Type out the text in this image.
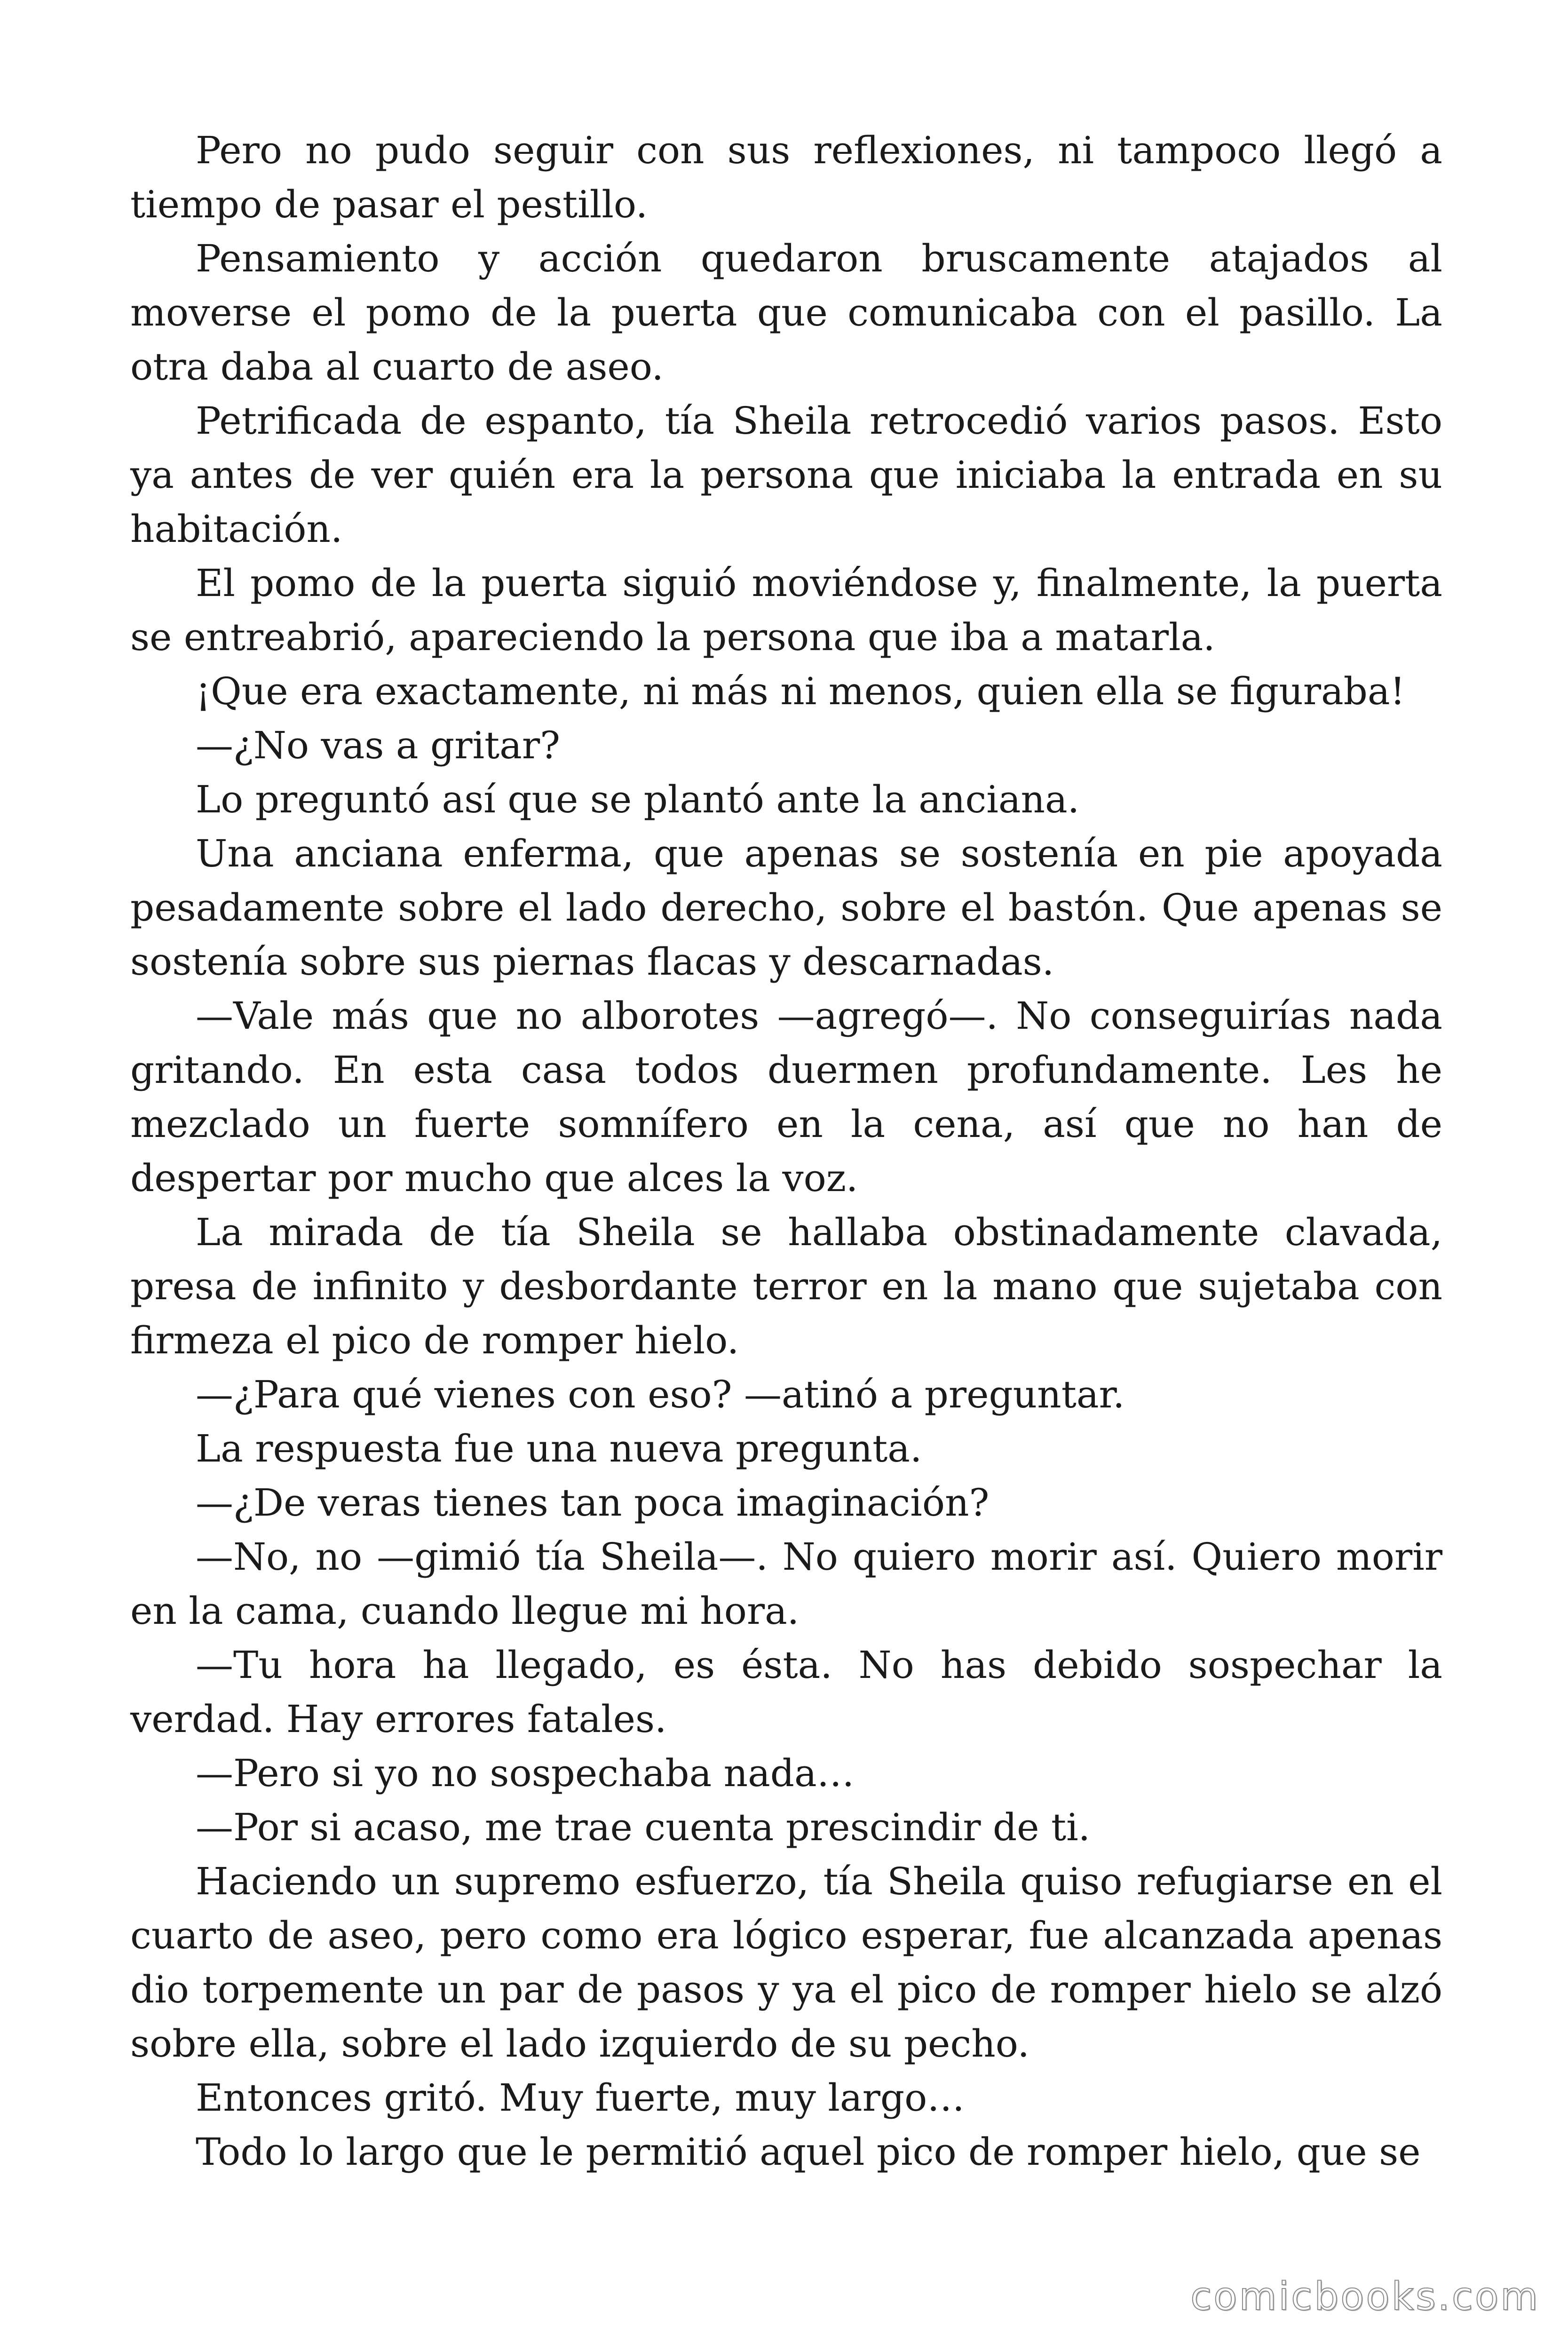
Pero no pudo seguir con sus reflexiones, ni tampoco llegó a tiempo de pasar el pestillo.

Pensamiento y acción quedaron bruscamente atajados al moverse el pomo de la puerta que comunicaba con el pasillo. La otra daba al cuarto de aseo.

Petrificada de espanto, tía Sheila retrocedió varios pasos. Esto ya antes de ver quién era la persona que iniciaba la entrada en su habitación.

El pomo de la puerta siguió moviéndose y, finalmente, la puerta se entreabrió, apareciendo la persona que iba a matarla.

¡Que era exactamente, ni más ni menos, quien ella se figuraba!

—¿No vas a gritar?

Lo preguntó así que se plantó ante la anciana.

Una anciana enferma, que apenas se sostenía en pie apoyada pesadamente sobre el lado derecho, sobre el bastón. Que apenas se sostenía sobre sus piernas flacas y descarnadas.

—Vale más que no alborotes —agregó—. No conseguirías nada gritando. En esta casa todos duermen profundamente. Les he mezclado un fuerte somnífero en la cena, así que no han de despertar por mucho que alces la voz.

La mirada de tía Sheila se hallaba obstinadamente clavada, presa de infinito y desbordante terror en la mano que sujetaba con firmeza el pico de romper hielo.

—¿Para qué vienes con eso? —atinó a preguntar.

La respuesta fue una nueva pregunta.

—¿De veras tienes tan poca imaginación?

—No, no —gimió tía Sheila—. No quiero morir así. Quiero morir en la cama, cuando llegue mi hora.

—Tu hora ha llegado, es ésta. No has debido sospechar la verdad. Hay errores fatales.

—Pero si yo no sospechaba nada…

—Por si acaso, me trae cuenta prescindir de ti.

Haciendo un supremo esfuerzo, tía Sheila quiso refugiarse en el cuarto de aseo, pero como era lógico esperar, fue alcanzada apenas dio torpemente un par de pasos y ya el pico de romper hielo se alzó sobre ella, sobre el lado izquierdo de su pecho.

Entonces gritó. Muy fuerte, muy largo…

Todo lo largo que le permitió aquel pico de romper hielo, que se

comicbooks.com
